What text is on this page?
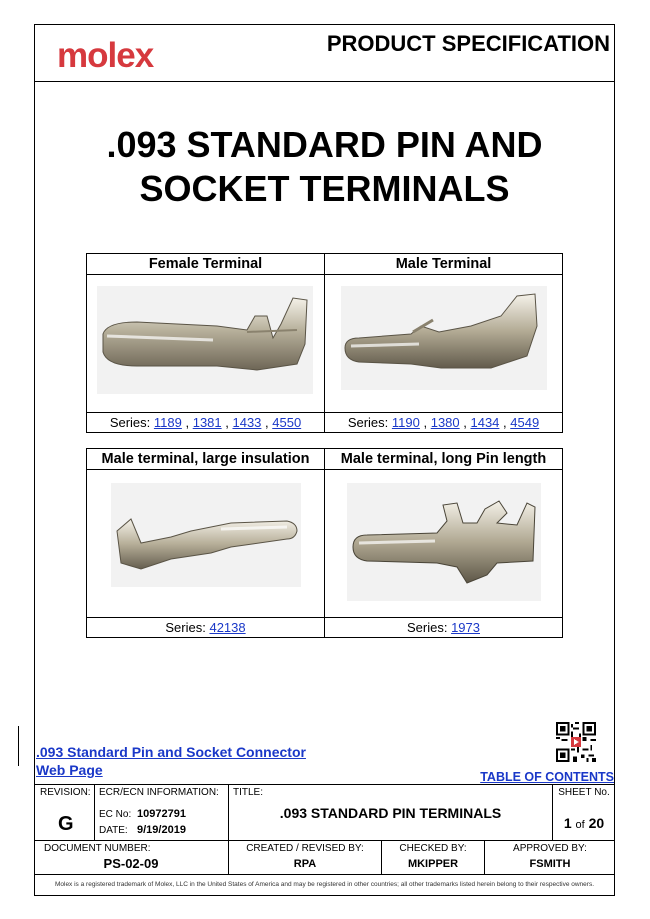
molex	PRODUCT SPECIFICATION
.093 STANDARD PIN AND
SOCKET TERMINALS
Female Terminal
Series: 1189 , 1381 , 1433 , 4550
Male Terminal
Series: 1190 , 1380 , 1434 , 4549
Male terminal, large insulation
Series: 42138
Male terminal, long Pin length
Series: 1973
.093 Standard Pin and Socket Connector
Web Page	TABLE OF CONTENTS
REVISION:
G
ECR/ECN INFORMATION:
EC No: 10972791
DATE: 9/19/2019
TITLE:
.093 STANDARD PIN TERMINALS
SHEET No.
1 of 20
DOCUMENT NUMBER:
PS-02-09
CREATED / REVISED BY:
RPA
CHECKED BY:
MKIPPER
APPROVED BY:
FSMITH
Molex is a registered trademark of Molex, LLC in the United States of America and may be registered in other countries; all other trademarks listed herein belong to their respective owners.
